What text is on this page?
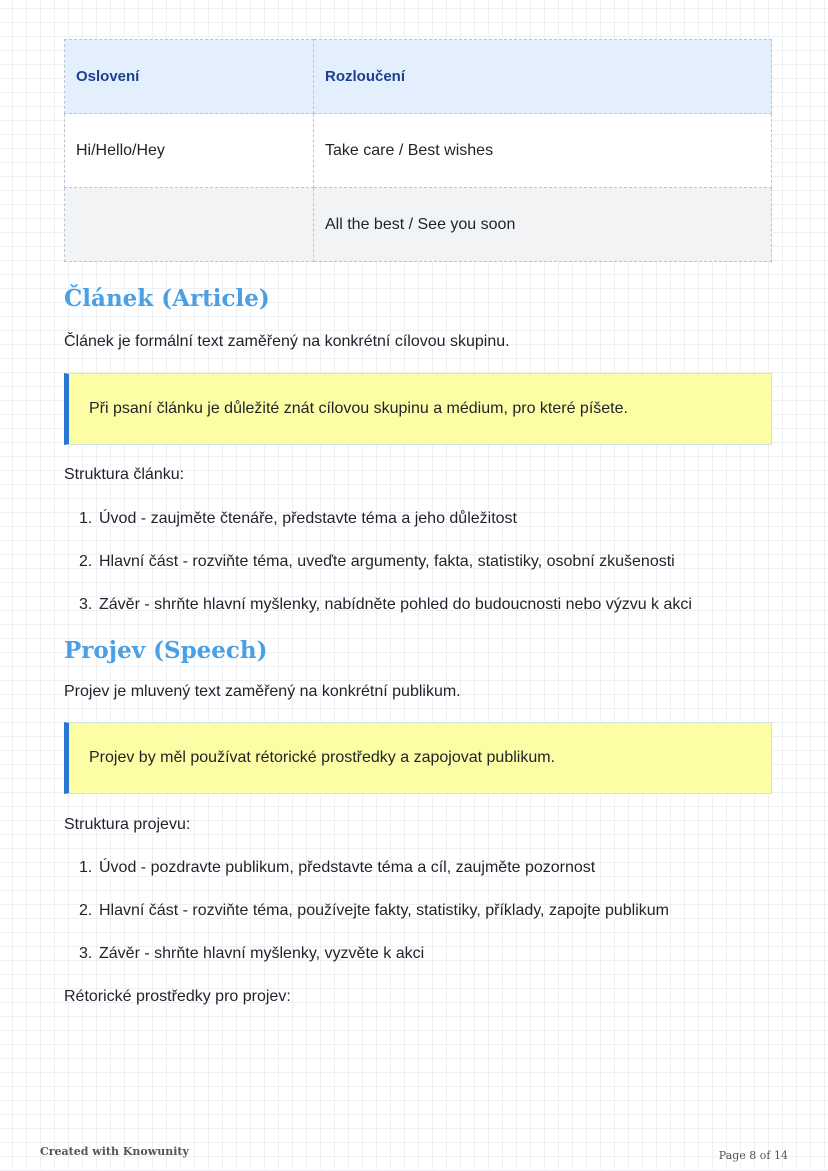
Oslovení	Rozloučení
Hi/Hello/Hey	Take care / Best wishes
	All the best / See you soon
Článek (Article)

Článek je formální text zaměřený na konkrétní cílovou skupinu.

Při psaní článku je důležité znát cílovou skupinu a médium, pro které píšete.

Struktura článku:

1. Úvod - zaujměte čtenáře, představte téma a jeho důležitost
2. Hlavní část - rozviňte téma, uveďte argumenty, fakta, statistiky, osobní zkušenosti
3. Závěr - shrňte hlavní myšlenky, nabídněte pohled do budoucnosti nebo výzvu k akci
Projev (Speech)

Projev je mluvený text zaměřený na konkrétní publikum.

Projev by měl používat rétorické prostředky a zapojovat publikum.

Struktura projevu:

1. Úvod - pozdravte publikum, představte téma a cíl, zaujměte pozornost
2. Hlavní část - rozviňte téma, používejte fakty, statistiky, příklady, zapojte publikum
3. Závěr - shrňte hlavní myšlenky, vyzvěte k akci

Rétorické prostředky pro projev:

Created with Knowunity	Page 8 of 14
